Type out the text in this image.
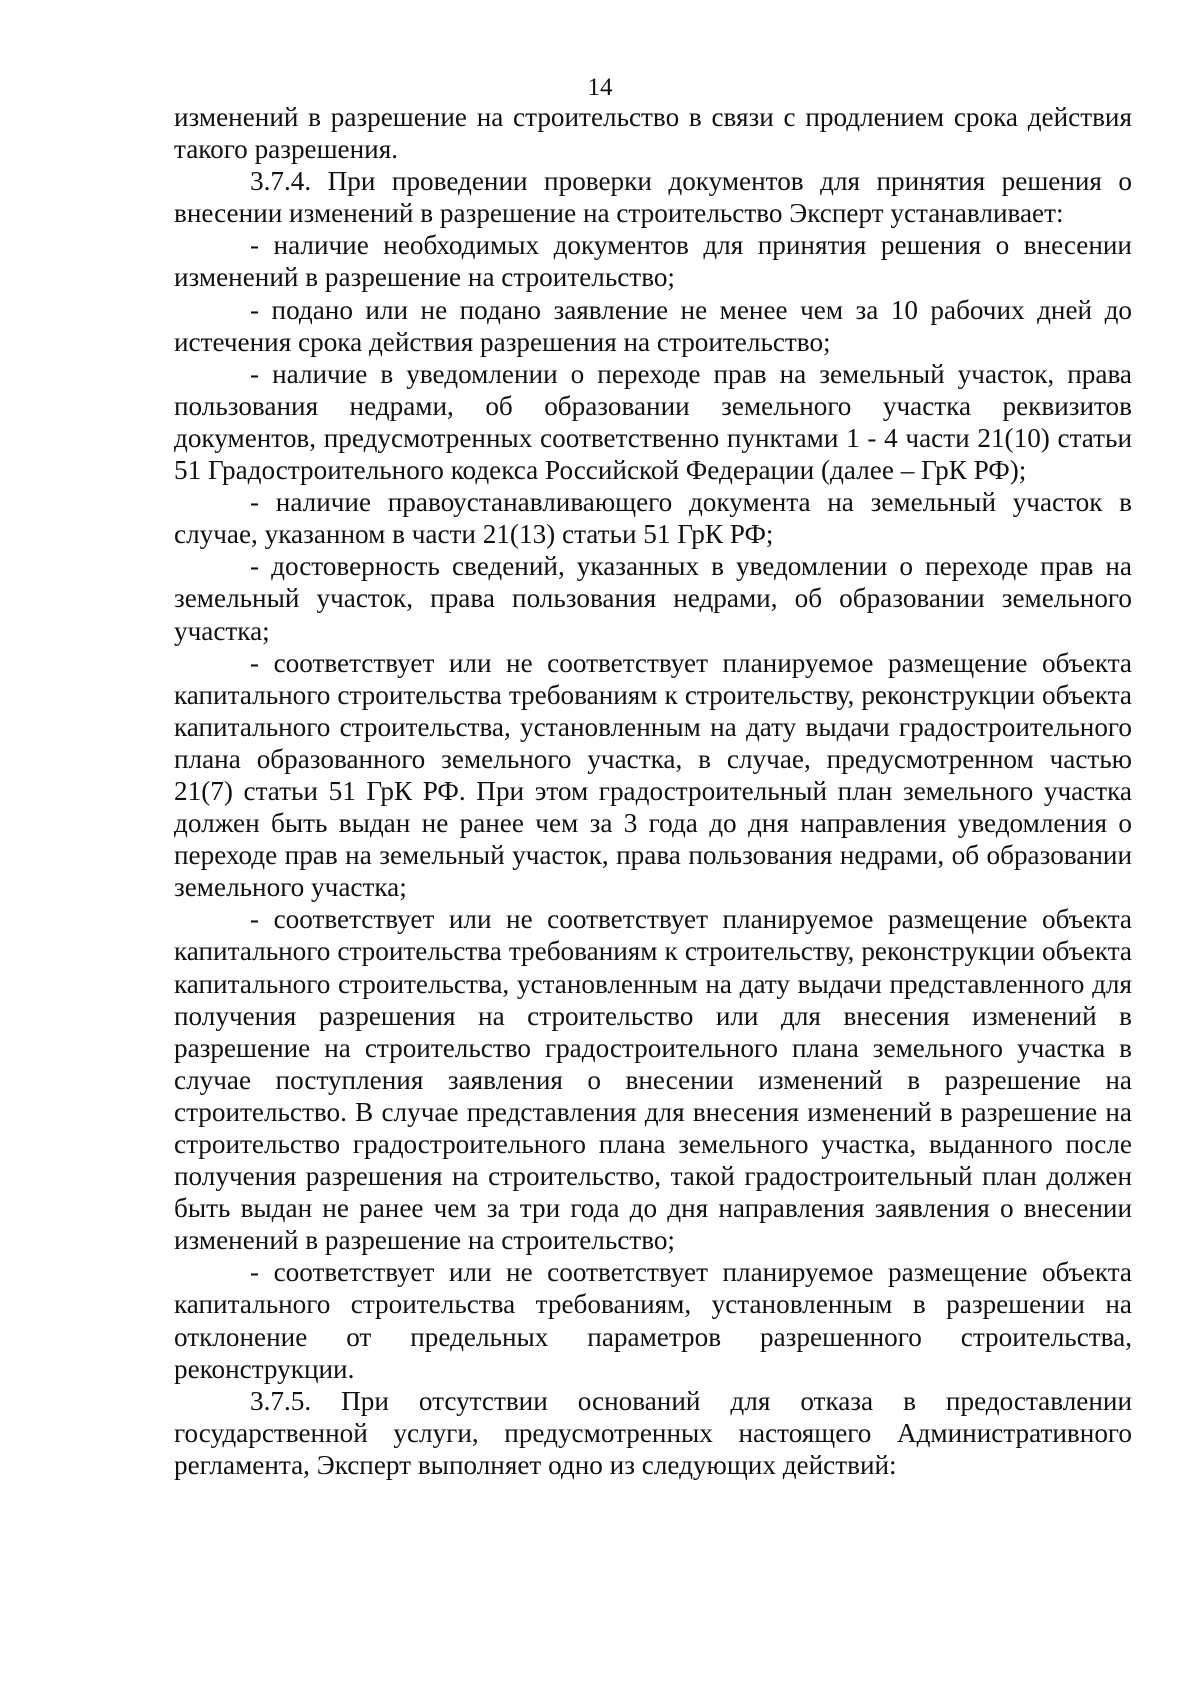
14

изменений в разрешение на строительство в связи с продлением срока действия такого разрешения.

3.7.4. При проведении проверки документов для принятия решения о внесении изменений в разрешение на строительство Эксперт устанавливает:

- наличие необходимых документов для принятия решения о внесении изменений в разрешение на строительство;

- подано или не подано заявление не менее чем за 10 рабочих дней до истечения срока действия разрешения на строительство;

- наличие в уведомлении о переходе прав на земельный участок, права пользования недрами, об образовании земельного участка реквизитов документов, предусмотренных соответственно пунктами 1 - 4 части 21(10) статьи 51 Градостроительного кодекса Российской Федерации (далее – ГрК РФ);

- наличие правоустанавливающего документа на земельный участок в случае, указанном в части 21(13) статьи 51 ГрК РФ;

- достоверность сведений, указанных в уведомлении о переходе прав на земельный участок, права пользования недрами, об образовании земельного участка;

- соответствует или не соответствует планируемое размещение объекта капитального строительства требованиям к строительству, реконструкции объекта капитального строительства, установленным на дату выдачи градостроительного плана образованного земельного участка, в случае, предусмотренном частью 21(7) статьи 51 ГрК РФ. При этом градостроительный план земельного участка должен быть выдан не ранее чем за 3 года до дня направления уведомления о переходе прав на земельный участок, права пользования недрами, об образовании земельного участка;

- соответствует или не соответствует планируемое размещение объекта капитального строительства требованиям к строительству, реконструкции объекта капитального строительства, установленным на дату выдачи представленного для получения разрешения на строительство или для внесения изменений в разрешение на строительство градостроительного плана земельного участка в случае поступления заявления о внесении изменений в разрешение на строительство. В случае представления для внесения изменений в разрешение на строительство градостроительного плана земельного участка, выданного после получения разрешения на строительство, такой градостроительный план должен быть выдан не ранее чем за три года до дня направления заявления о внесении изменений в разрешение на строительство;

- соответствует или не соответствует планируемое размещение объекта капитального строительства требованиям, установленным в разрешении на отклонение от предельных параметров разрешенного строительства, реконструкции.

3.7.5. При отсутствии оснований для отказа в предоставлении государственной услуги, предусмотренных настоящего Административного регламента, Эксперт выполняет одно из следующих действий:
